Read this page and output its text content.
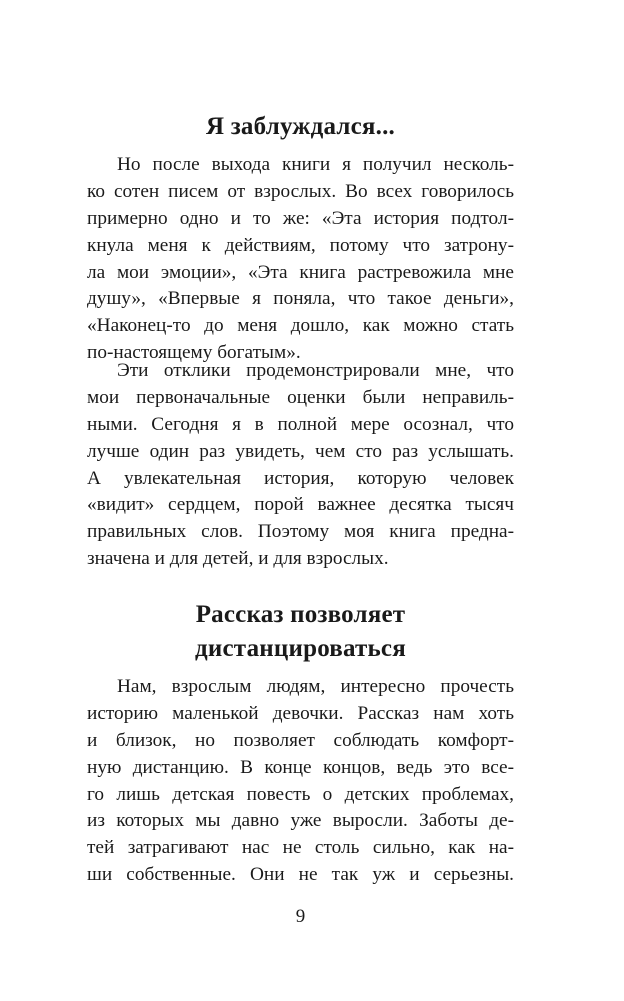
Я заблуждался...
Но после выхода книги я получил несколь-
ко сотен писем от взрослых. Во всех говорилось
примерно одно и то же: «Эта история подтол-
кнула меня к действиям, потому что затрону-
ла мои эмоции», «Эта книга растревожила мне
душу», «Впервые я поняла, что такое деньги»,
«Наконец-то до меня дошло, как можно стать
по-настоящему богатым».
Эти отклики продемонстрировали мне, что
мои первоначальные оценки были неправиль-
ными. Сегодня я в полной мере осознал, что
лучше один раз увидеть, чем сто раз услышать.
А увлекательная история, которую человек
«видит» сердцем, порой важнее десятка тысяч
правильных слов. Поэтому моя книга предна-
значена и для детей, и для взрослых.
Рассказ позволяет
дистанцироваться
Нам, взрослым людям, интересно прочесть
историю маленькой девочки. Рассказ нам хоть
и близок, но позволяет соблюдать комфорт-
ную дистанцию. В конце концов, ведь это все-
го лишь детская повесть о детских проблемах,
из которых мы давно уже выросли. Заботы де-
тей затрагивают нас не столь сильно, как на-
ши собственные. Они не так уж и серьезны.
9
